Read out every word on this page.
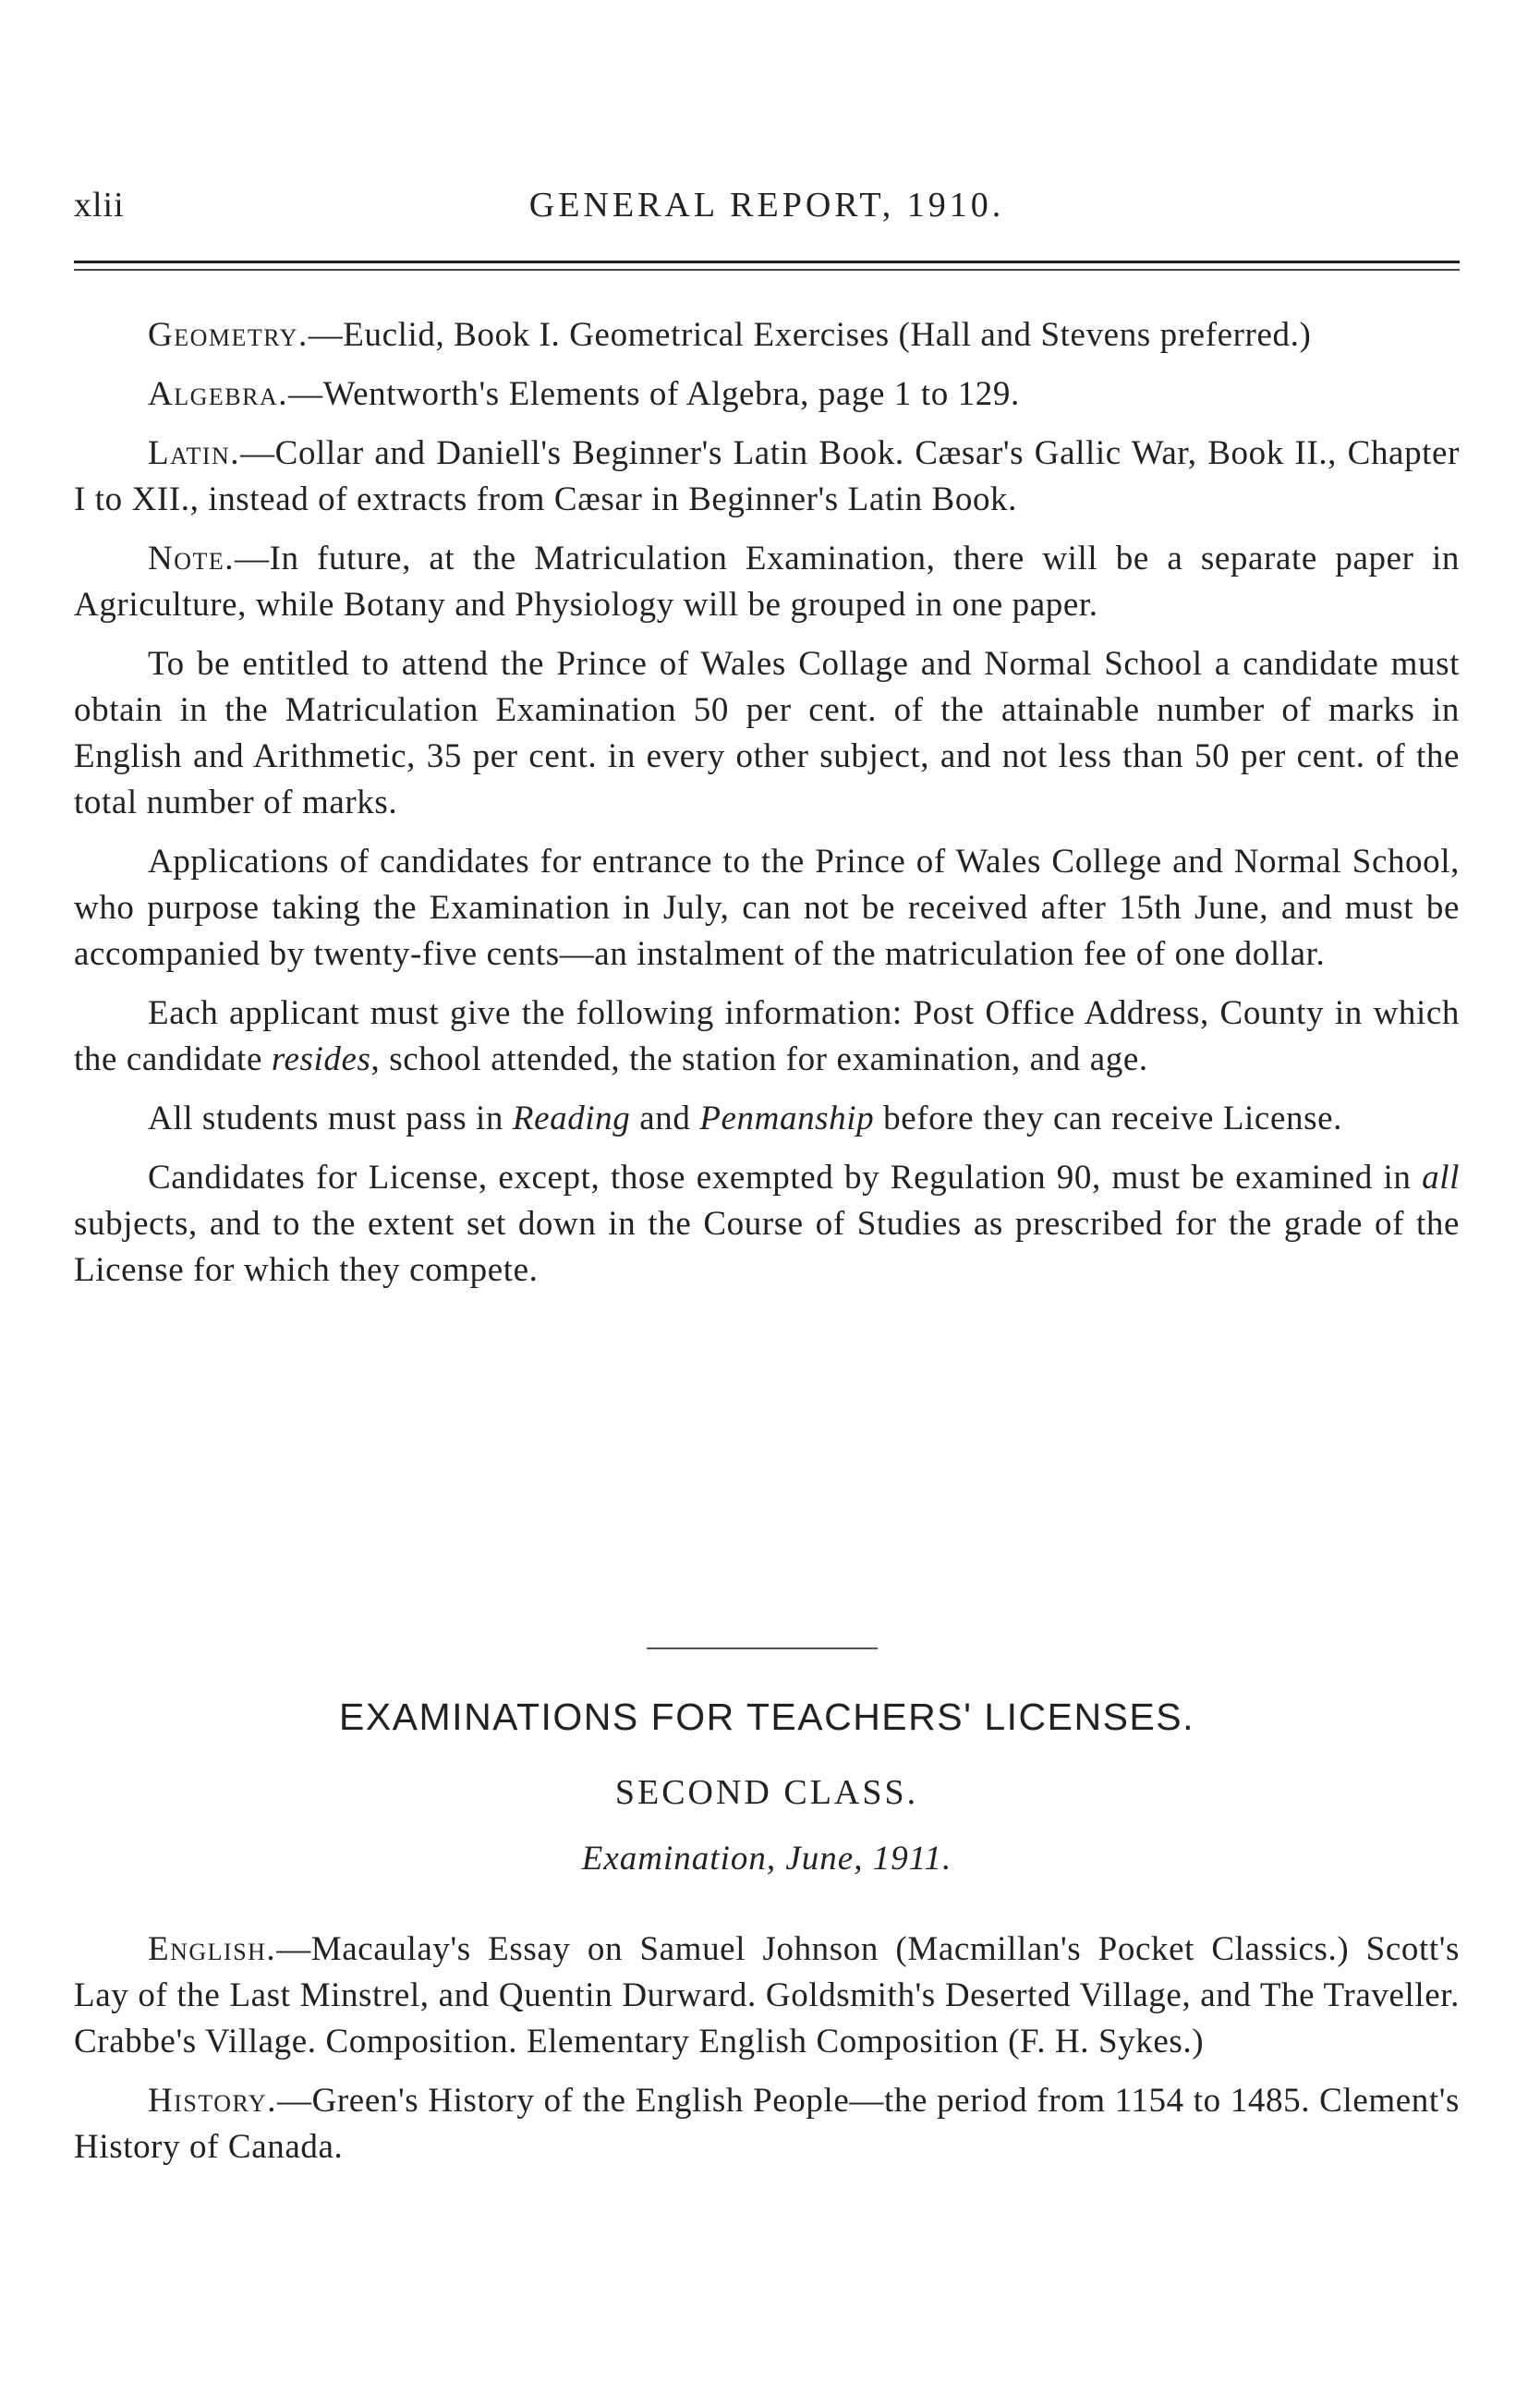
xlii	GENERAL REPORT, 1910.

Geometry.—Euclid, Book I. Geometrical Exercises (Hall and Stevens preferred.)

Algebra.—Wentworth's Elements of Algebra, page 1 to 129.

Latin.—Collar and Daniell's Beginner's Latin Book. Cæsar's Gallic War, Book II., Chapter I to XII., instead of extracts from Cæsar in Beginner's Latin Book.

Note.—In future, at the Matriculation Examination, there will be a separate paper in Agriculture, while Botany and Physiology will be grouped in one paper.

To be entitled to attend the Prince of Wales Collage and Normal School a candidate must obtain in the Matriculation Examination 50 per cent. of the attainable number of marks in English and Arithmetic, 35 per cent. in every other subject, and not less than 50 per cent. of the total number of marks.

Applications of candidates for entrance to the Prince of Wales College and Normal School, who purpose taking the Examination in July, can not be received after 15th June, and must be accompanied by twenty-five cents—an instalment of the matriculation fee of one dollar.

Each applicant must give the following information: Post Office Address, County in which the candidate resides, school attended, the station for examination, and age.

All students must pass in Reading and Penmanship before they can receive License.

Candidates for License, except, those exempted by Regulation 90, must be examined in all subjects, and to the extent set down in the Course of Studies as prescribed for the grade of the License for which they compete.

EXAMINATIONS FOR TEACHERS' LICENSES.
SECOND CLASS.
Examination, June, 1911.

English.—Macaulay's Essay on Samuel Johnson (Macmillan's Pocket Classics.) Scott's Lay of the Last Minstrel, and Quentin Durward. Goldsmith's Deserted Village, and The Traveller. Crabbe's Village. Composition. Elementary English Composition (F. H. Sykes.)

History.—Green's History of the English People—the period from 1154 to 1485. Clement's History of Canada.
